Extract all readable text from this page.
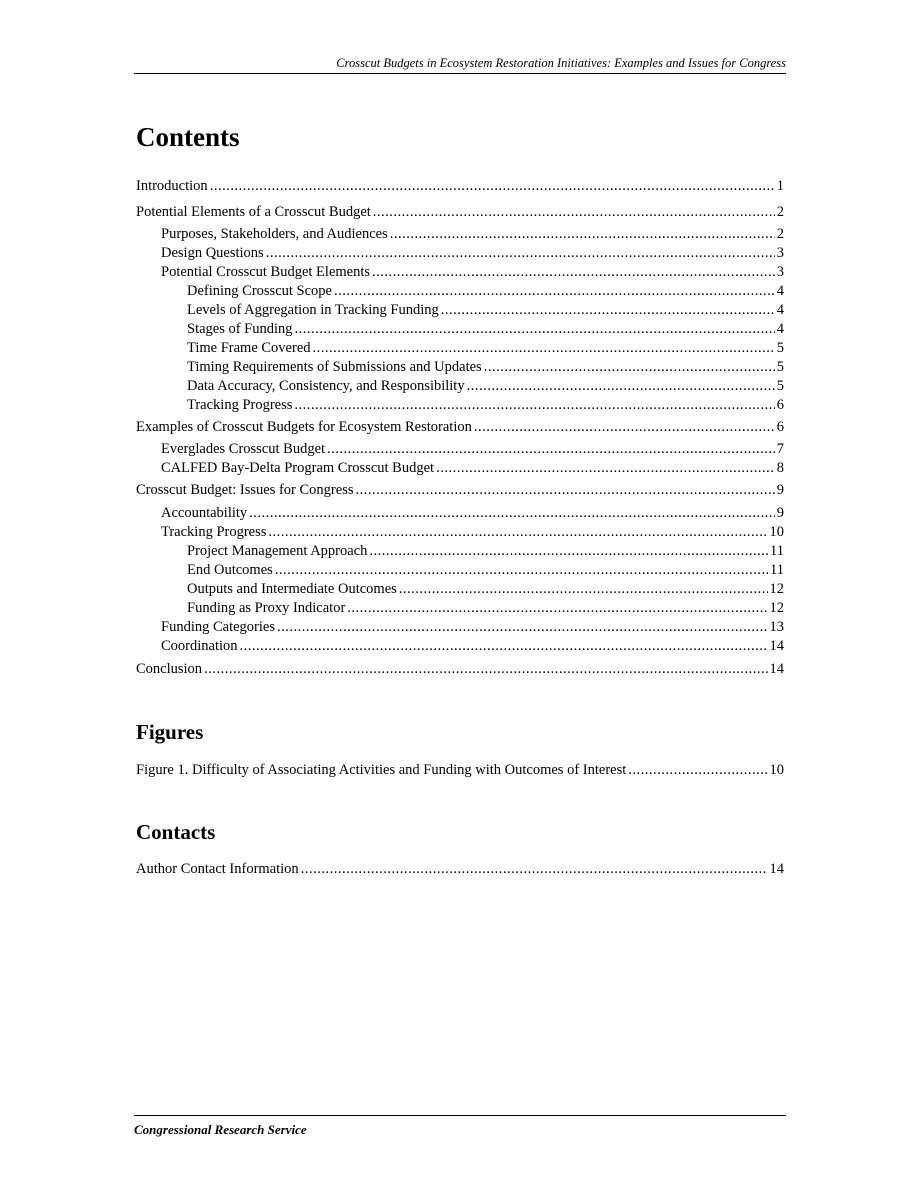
Crosscut Budgets in Ecosystem Restoration Initiatives: Examples and Issues for Congress
Contents
Introduction .....	1
Potential Elements of a Crosscut Budget .....	2
Purposes, Stakeholders, and Audiences .....	2
Design Questions .....	3
Potential Crosscut Budget Elements .....	3
Defining Crosscut Scope .....	4
Levels of Aggregation in Tracking Funding .....	4
Stages of Funding .....	4
Time Frame Covered .....	5
Timing Requirements of Submissions and Updates .....	5
Data Accuracy, Consistency, and Responsibility .....	5
Tracking Progress .....	6
Examples of Crosscut Budgets for Ecosystem Restoration .....	6
Everglades Crosscut Budget .....	7
CALFED Bay-Delta Program Crosscut Budget .....	8
Crosscut Budget: Issues for Congress .....	9
Accountability .....	9
Tracking Progress .....	10
Project Management Approach .....	11
End Outcomes .....	11
Outputs and Intermediate Outcomes .....	12
Funding as Proxy Indicator .....	12
Funding Categories .....	13
Coordination .....	14
Conclusion .....	14
Figure 1. Difficulty of Associating Activities and Funding with Outcomes of Interest .....	10
Author Contact Information .....	14
Figures
Contacts
Congressional Research Service
